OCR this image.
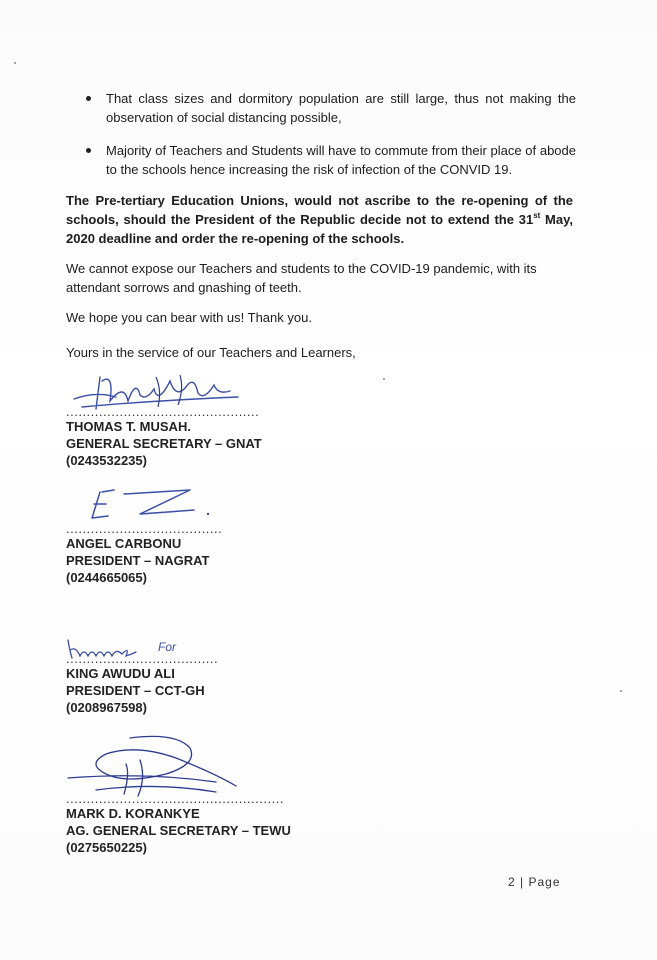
That class sizes and dormitory population are still large, thus not making the observation of social distancing possible,
Majority of Teachers and Students will have to commute from their place of abode to the schools hence increasing the risk of infection of the CONVID 19.

The Pre-tertiary Education Unions, would not ascribe to the re-opening of the schools, should the President of the Republic decide not to extend the 31st May, 2020 deadline and order the re-opening of the schools.

We cannot expose our Teachers and students to the COVID-19 pandemic, with its attendant sorrows and gnashing of teeth.

We hope you can bear with us! Thank you.

Yours in the service of our Teachers and Learners,

...............................................
THOMAS T. MUSAH.
GENERAL SECRETARY – GNAT
(0243532235)
......................................
ANGEL CARBONU
PRESIDENT – NAGRAT
(0244665065)
For
.....................................
KING AWUDU ALI
PRESIDENT – CCT-GH
(0208967598)
.....................................................
MARK D. KORANKYE
AG. GENERAL SECRETARY – TEWU
(0275650225)
2 | Page
